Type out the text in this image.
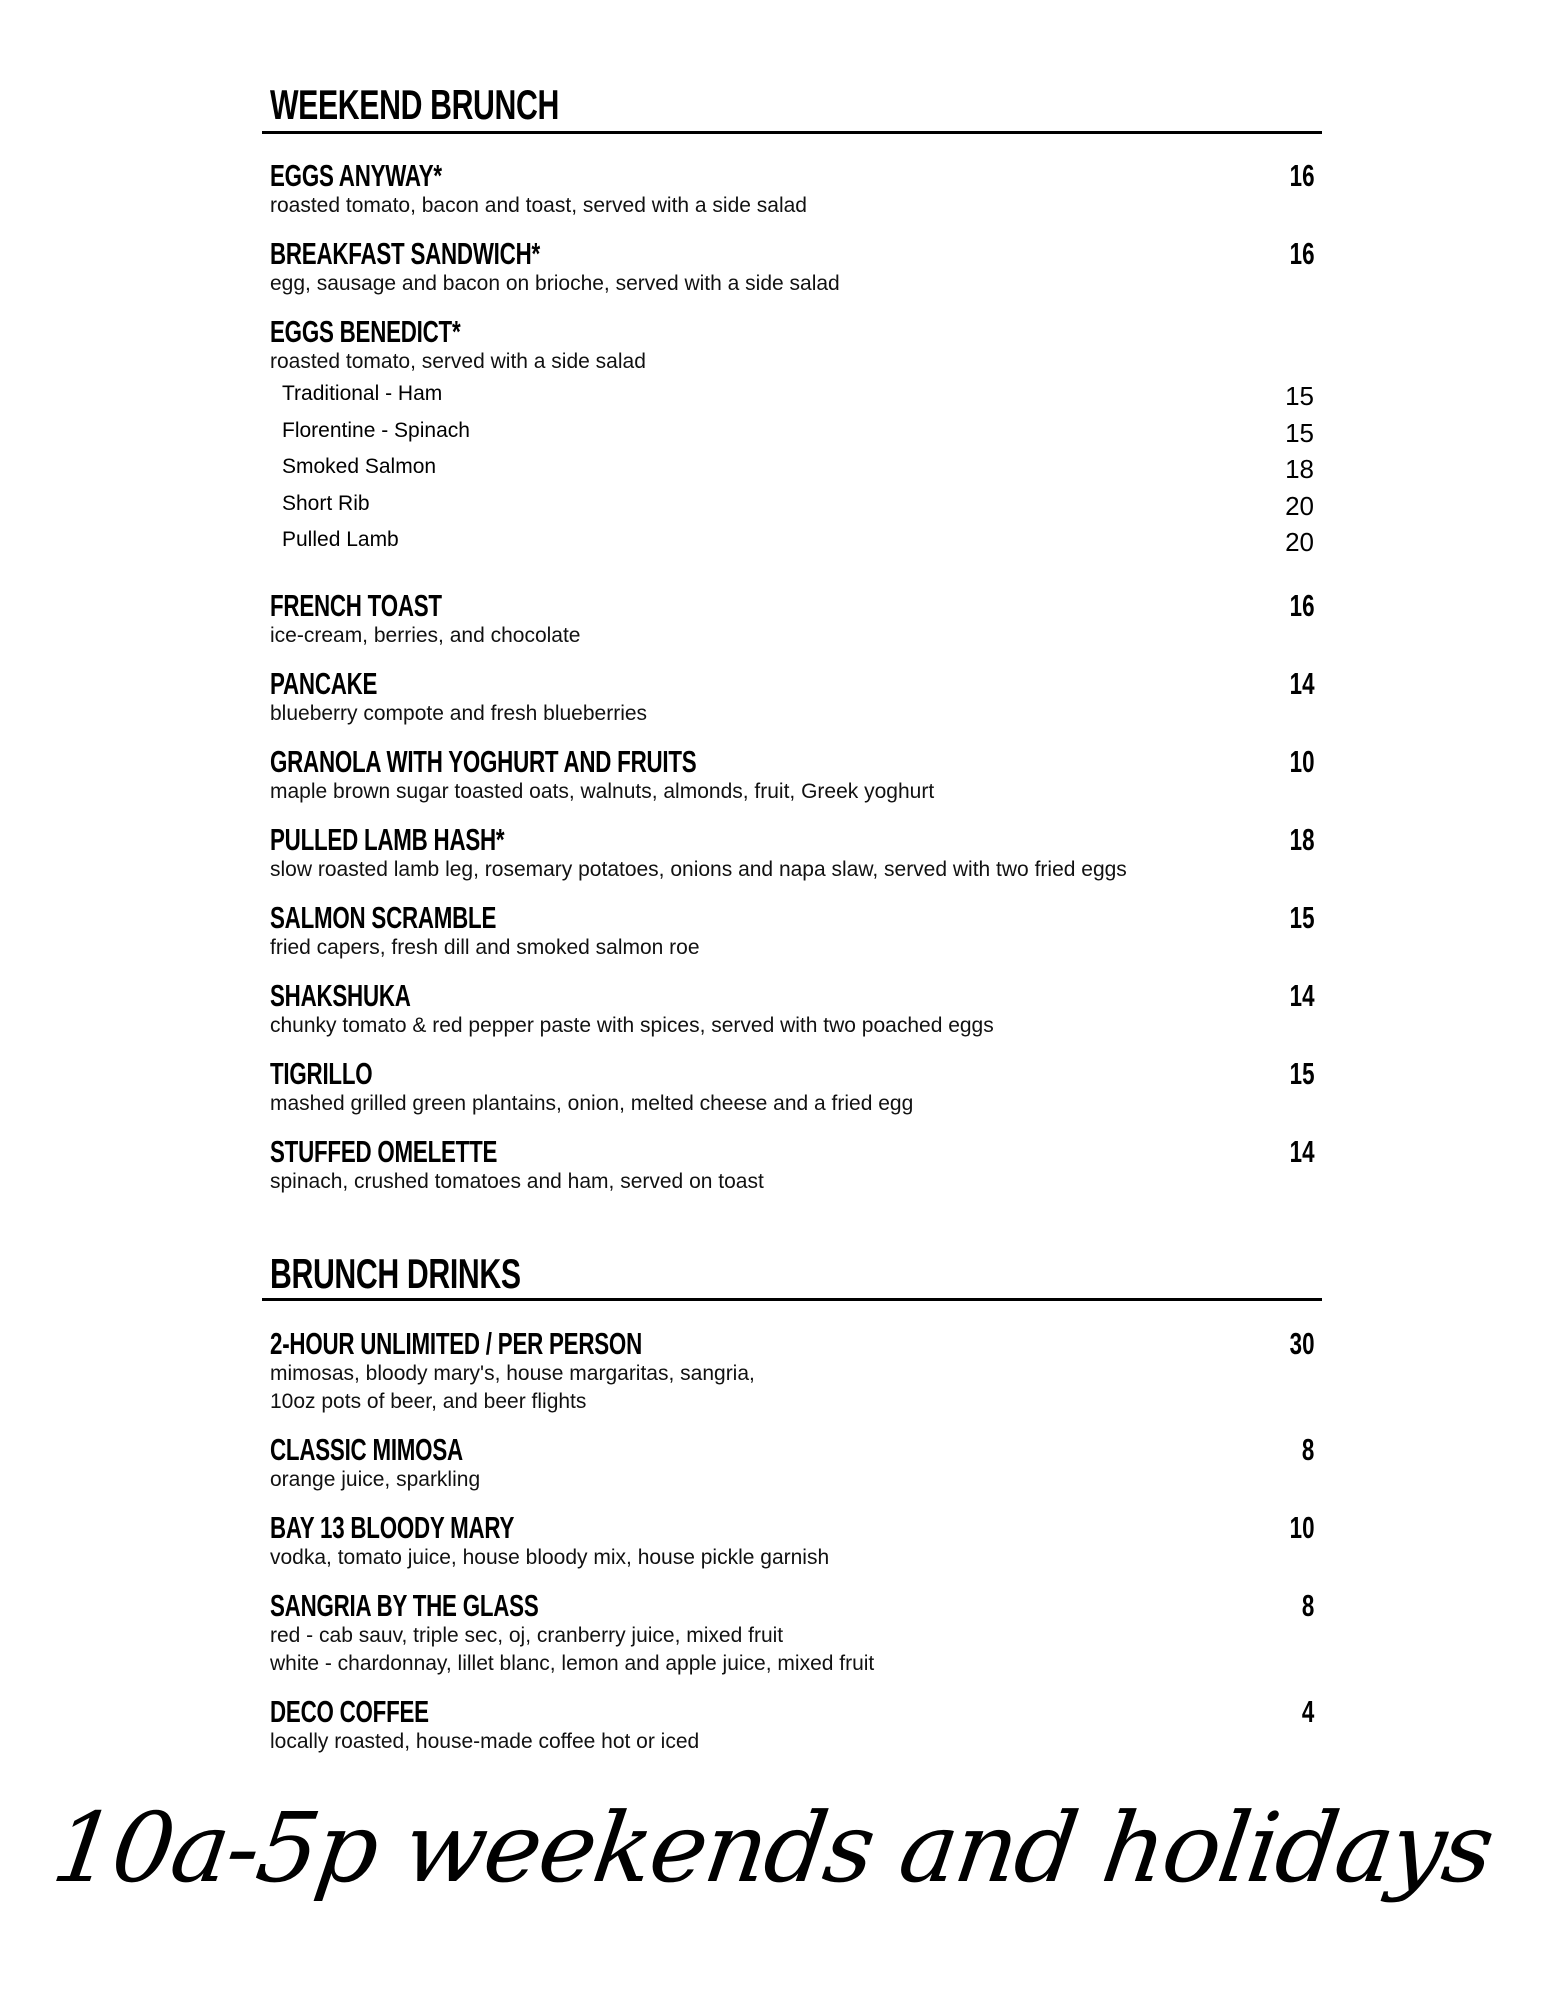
WEEKEND BRUNCH
EGGS ANYWAY*	16
roasted tomato, bacon and toast, served with a side salad
BREAKFAST SANDWICH*	16
egg, sausage and bacon on brioche, served with a side salad
EGGS BENEDICT*
roasted tomato, served with a side salad
Traditional - Ham	15
Florentine - Spinach	15
Smoked Salmon	18
Short Rib	20
Pulled Lamb	20
FRENCH TOAST	16
ice-cream, berries, and chocolate
PANCAKE	14
blueberry compote and fresh blueberries
GRANOLA WITH YOGHURT AND FRUITS	10
maple brown sugar toasted oats, walnuts, almonds, fruit, Greek yoghurt
PULLED LAMB HASH*	18
slow roasted lamb leg, rosemary potatoes, onions and napa slaw, served with two fried eggs
SALMON SCRAMBLE	15
fried capers, fresh dill and smoked salmon roe
SHAKSHUKA	14
chunky tomato & red pepper paste with spices, served with two poached eggs
TIGRILLO	15
mashed grilled green plantains, onion, melted cheese and a fried egg
STUFFED OMELETTE	14
spinach, crushed tomatoes and ham, served on toast
BRUNCH DRINKS
2-HOUR UNLIMITED / PER PERSON	30
mimosas, bloody mary's, house margaritas, sangria,
10oz pots of beer, and beer flights
CLASSIC MIMOSA	8
orange juice, sparkling
BAY 13 BLOODY MARY	10
vodka, tomato juice, house bloody mix, house pickle garnish
SANGRIA BY THE GLASS	8
red - cab sauv, triple sec, oj, cranberry juice, mixed fruit
white - chardonnay, lillet blanc, lemon and apple juice, mixed fruit
DECO COFFEE	4
locally roasted, house-made coffee hot or iced
10a-5p weekends and holidays
